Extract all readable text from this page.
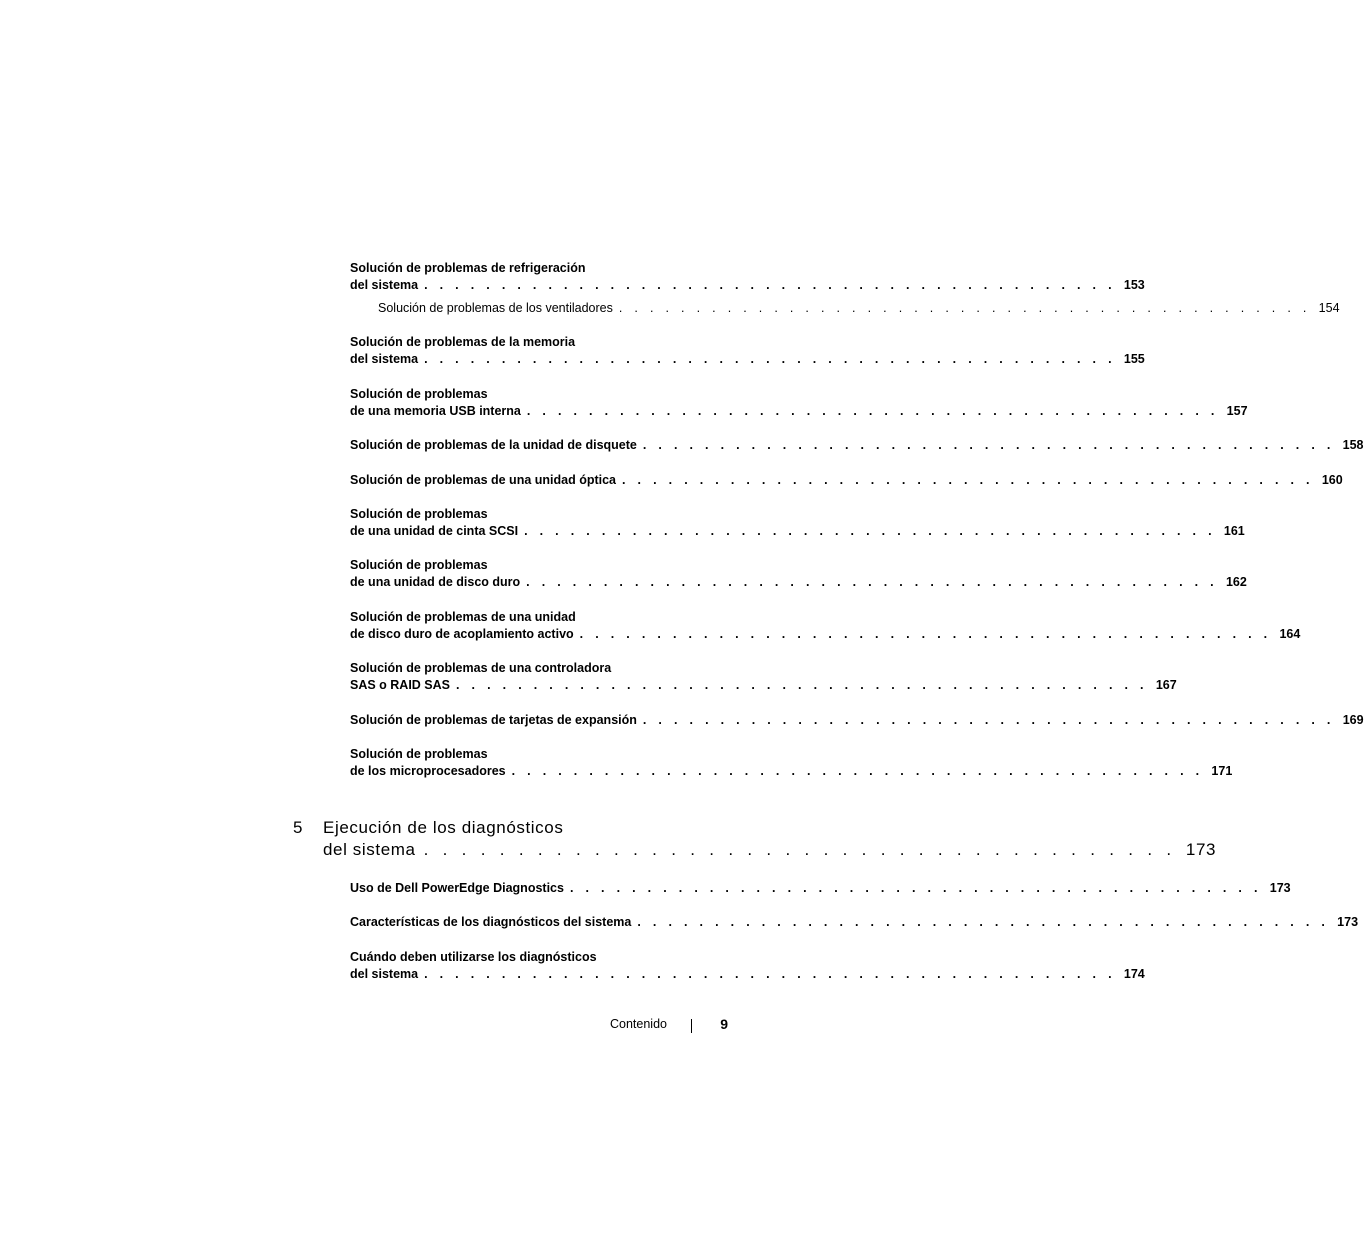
Solución de problemas de refrigeración
del sistema . . . . . . . . . . . . . . . . . . . . . . . . . . . . . . . . . . . . . . . . . . . . . 153
Solución de problemas de los ventiladores . . . . . . . . . . . . . . . . . . . . . . . . . . . . . . . . . . . . . . . . . . . . . 154
Solución de problemas de la memoria
del sistema . . . . . . . . . . . . . . . . . . . . . . . . . . . . . . . . . . . . . . . . . . . . . 155
Solución de problemas
de una memoria USB interna . . . . . . . . . . . . . . . . . . . . . . . . . . . . . . . . . . . . . . . . . . . . . 157
Solución de problemas de la unidad de disquete . . . . . . . . . . . . . . . . . . . . . . . . . . . . . . . . . . . . . . . . . . . . . 158
Solución de problemas de una unidad óptica . . . . . . . . . . . . . . . . . . . . . . . . . . . . . . . . . . . . . . . . . . . . . 160
Solución de problemas
de una unidad de cinta SCSI . . . . . . . . . . . . . . . . . . . . . . . . . . . . . . . . . . . . . . . . . . . . . 161
Solución de problemas
de una unidad de disco duro . . . . . . . . . . . . . . . . . . . . . . . . . . . . . . . . . . . . . . . . . . . . . 162
Solución de problemas de una unidad
de disco duro de acoplamiento activo . . . . . . . . . . . . . . . . . . . . . . . . . . . . . . . . . . . . . . . . . . . . . 164
Solución de problemas de una controladora
SAS o RAID SAS . . . . . . . . . . . . . . . . . . . . . . . . . . . . . . . . . . . . . . . . . . . . . 167
Solución de problemas de tarjetas de expansión . . . . . . . . . . . . . . . . . . . . . . . . . . . . . . . . . . . . . . . . . . . . . 169
Solución de problemas
de los microprocesadores . . . . . . . . . . . . . . . . . . . . . . . . . . . . . . . . . . . . . . . . . . . . . 171
5 Ejecución de los diagnósticos
del sistema . . . . . . . . . . . . . . . . . . . . . . . . . . . . . . . . . . . . . . . . 173
Uso de Dell PowerEdge Diagnostics . . . . . . . . . . . . . . . . . . . . . . . . . . . . . . . . . . . . . . . . . . . . . 173
Características de los diagnósticos del sistema . . . . . . . . . . . . . . . . . . . . . . . . . . . . . . . . . . . . . . . . . . . . . 173
Cuándo deben utilizarse los diagnósticos
del sistema . . . . . . . . . . . . . . . . . . . . . . . . . . . . . . . . . . . . . . . . . . . . . 174
Contenido	9
